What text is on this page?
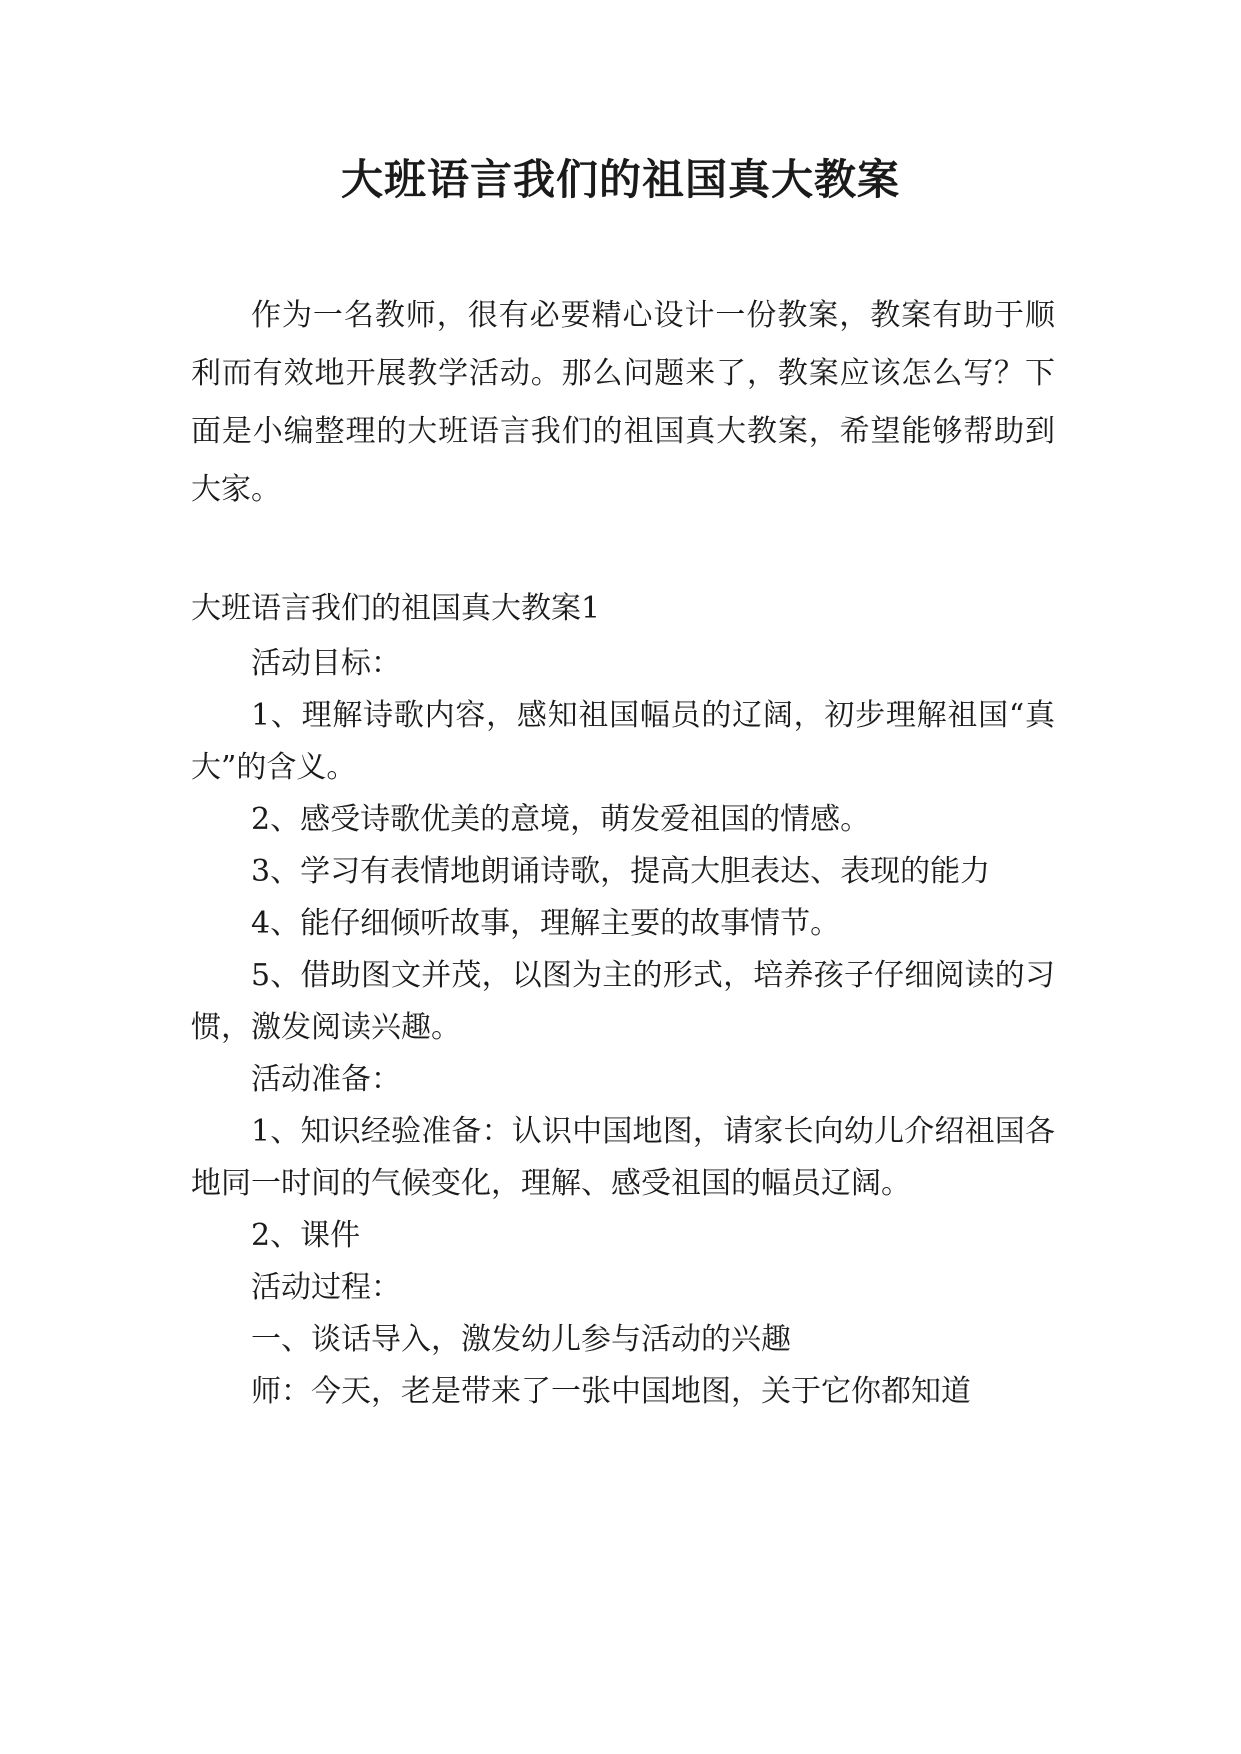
大班语言我们的祖国真大教案

作为一名教师，很有必要精心设计一份教案，教案有助于顺利而有效地开展教学活动。那么问题来了，教案应该怎么写？下面是小编整理的大班语言我们的祖国真大教案，希望能够帮助到大家。

大班语言我们的祖国真大教案1

活动目标：

1、理解诗歌内容，感知祖国幅员的辽阔，初步理解祖国“真大”的含义。

2、感受诗歌优美的意境，萌发爱祖国的情感。

3、学习有表情地朗诵诗歌，提高大胆表达、表现的能力

4、能仔细倾听故事，理解主要的故事情节。

5、借助图文并茂，以图为主的形式，培养孩子仔细阅读的习惯，激发阅读兴趣。

活动准备：

1、知识经验准备：认识中国地图，请家长向幼儿介绍祖国各地同一时间的气候变化，理解、感受祖国的幅员辽阔。

2、课件

活动过程：

一、谈话导入，激发幼儿参与活动的兴趣

师：今天，老是带来了一张中国地图，关于它你都知道
